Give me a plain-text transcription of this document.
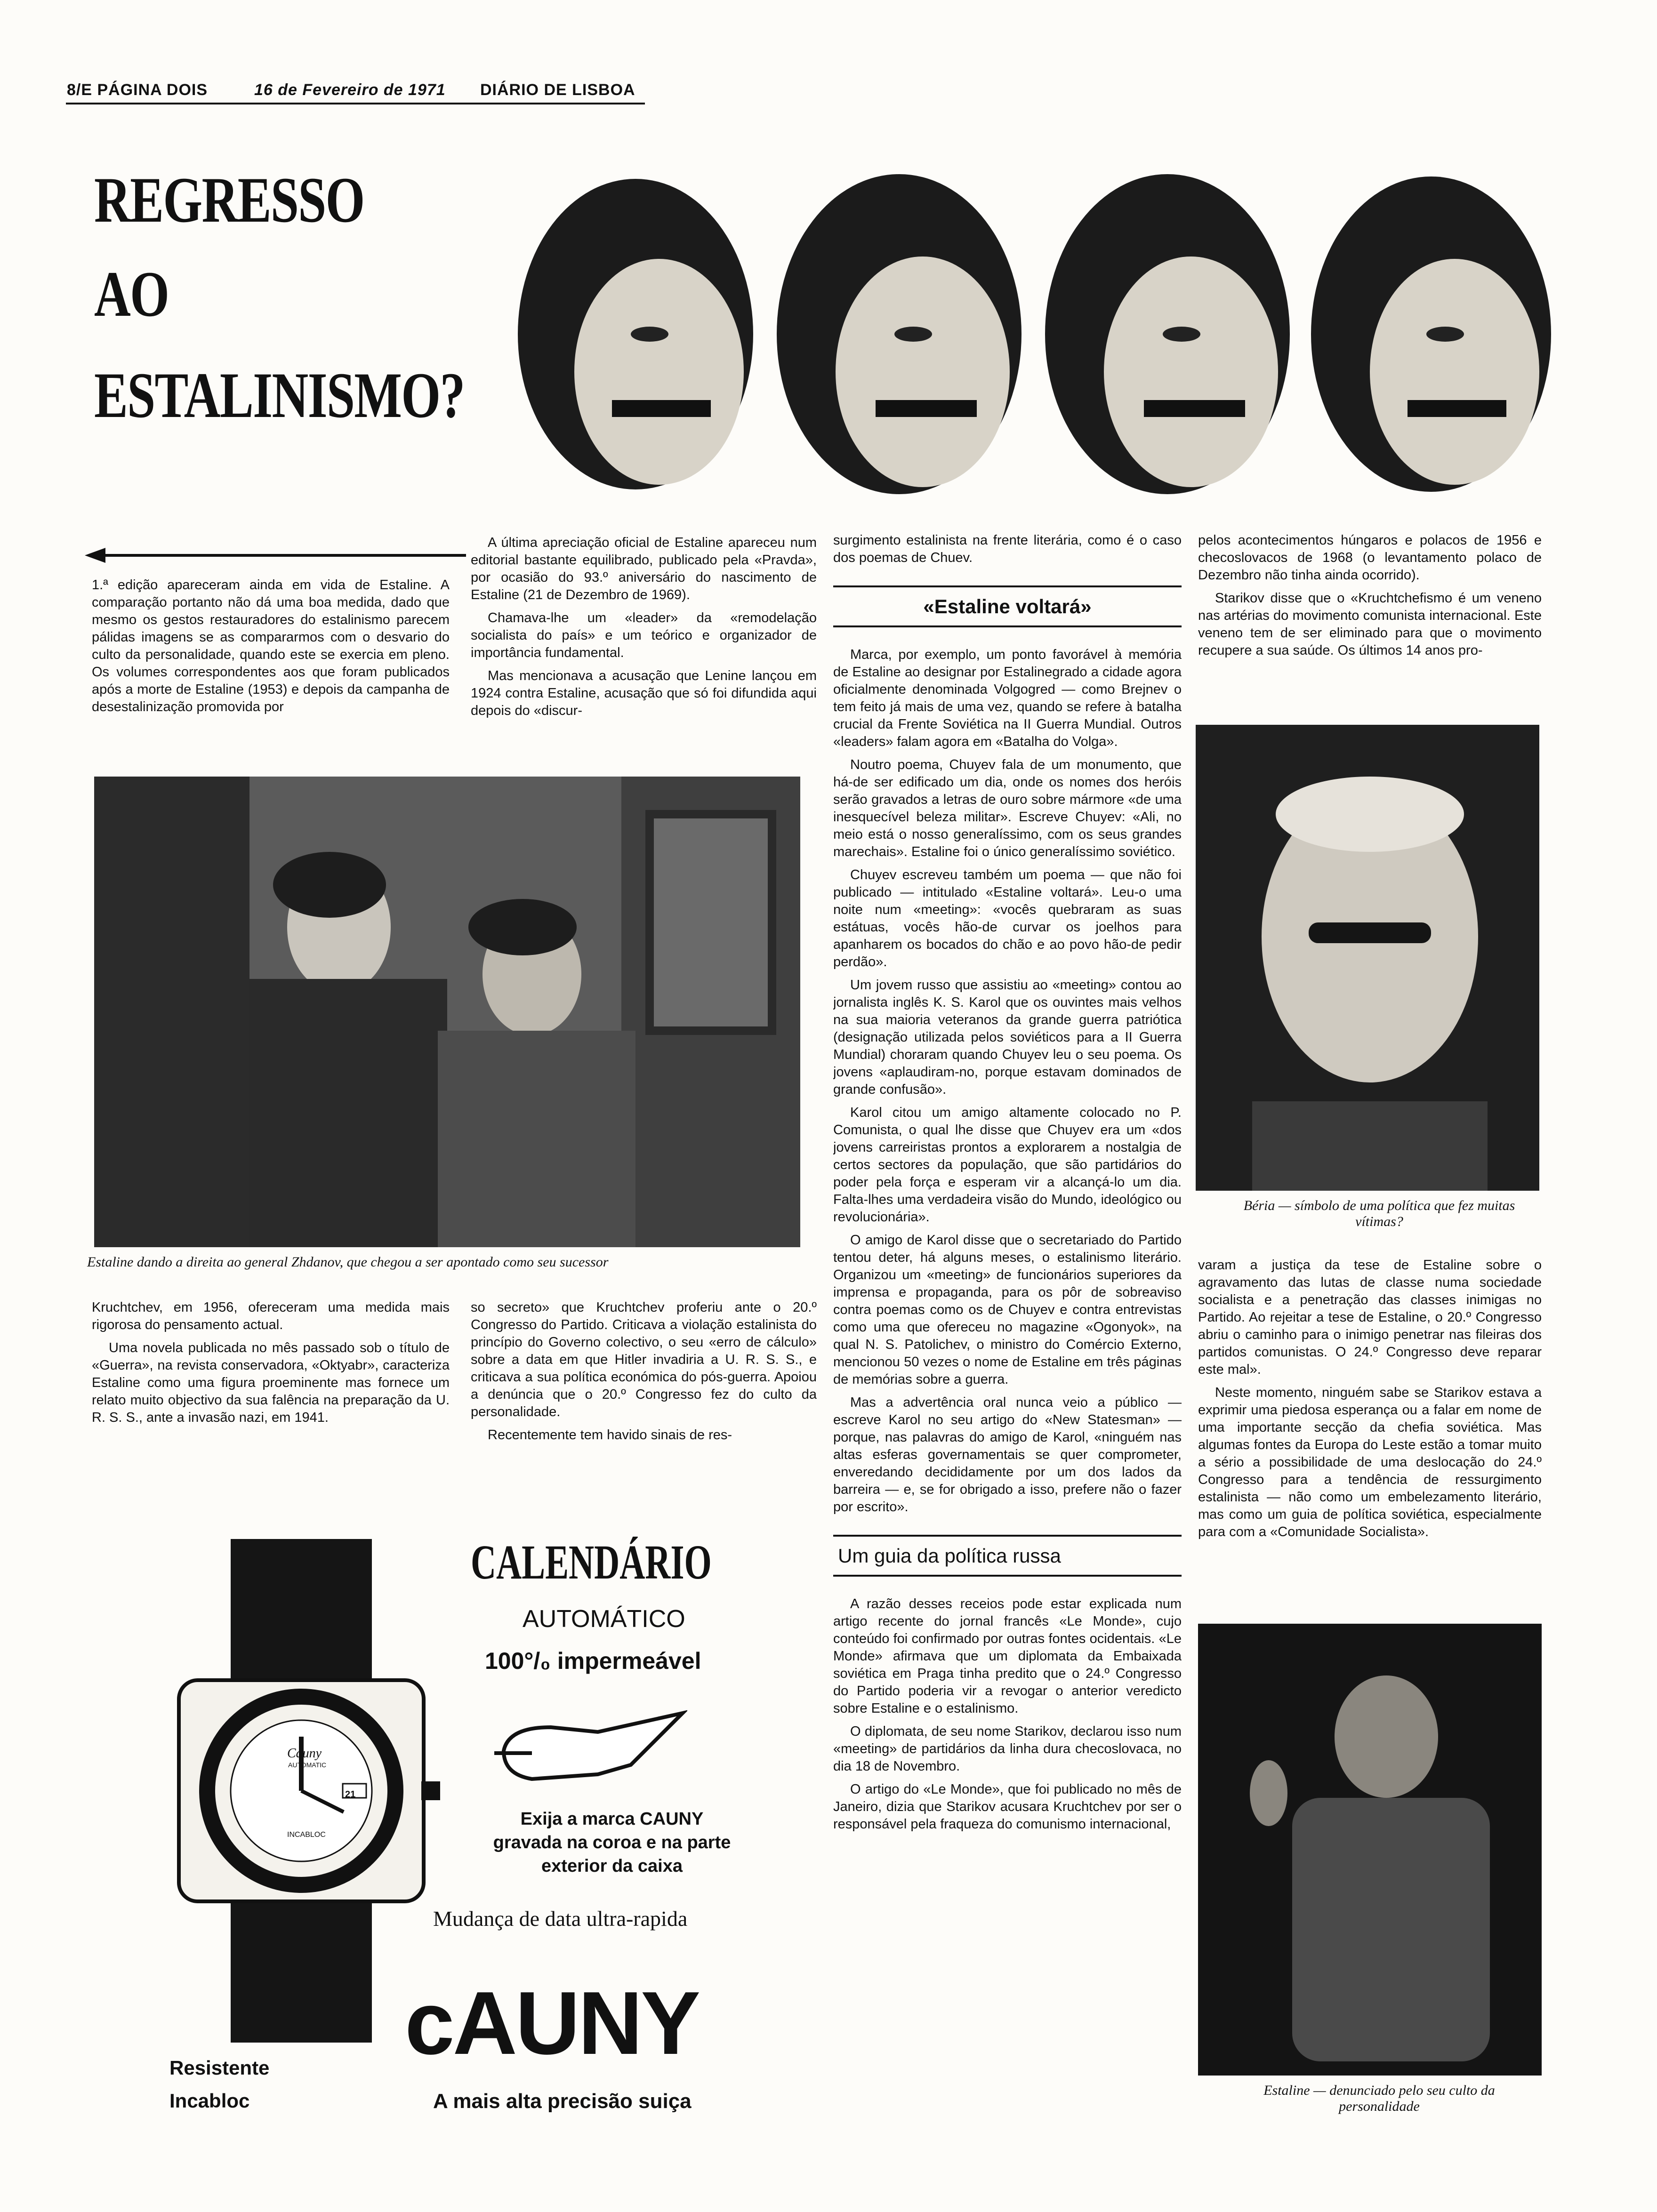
8/E PÁGINA DOIS	16 de Fevereiro de 1971 DIÁRIO DE LISBOA
REGRESSO
AO
ESTALINISMO?

1.ª edição apareceram ainda em vida de Estaline. A comparação portanto não dá uma boa medida, dado que mesmo os gestos restauradores do estalinismo parecem pálidas imagens se as compararmos com o desvario do culto da personalidade, quando este se exercia em pleno. Os volumes correspondentes aos que foram publicados após a morte de Estaline (1953) e depois da campanha de desestalinização promovida por

A última apreciação oficial de Estaline apareceu num editorial bastante equilibrado, publicado pela «Pravda», por ocasião do 93.º aniversário do nascimento de Estaline (21 de Dezembro de 1969).

Chamava-lhe um «leader» da «remodelação socialista do país» e um teórico e organizador de importância fundamental.

Mas mencionava a acusação que Lenine lançou em 1924 contra Estaline, acusação que só foi difundida aqui depois do «discur-

Estaline dando a direita ao general Zhdanov, que chegou a ser apontado como seu sucessor

Kruchtchev, em 1956, ofereceram uma medida mais rigorosa do pensamento actual.

Uma novela publicada no mês passado sob o título de «Guerra», na revista conservadora, «Oktyabr», caracteriza Estaline como uma figura proeminente mas fornece um relato muito objectivo da sua falência na preparação da U. R. S. S., ante a invasão nazi, em 1941.

so secreto» que Kruchtchev proferiu ante o 20.º Congresso do Partido. Criticava a violação estalinista do princípio do Governo colectivo, o seu «erro de cálculo» sobre a data em que Hitler invadiria a U. R. S. S., e criticava a sua política económica do pós-guerra. Apoiou a denúncia que o 20.º Congresso fez do culto da personalidade.

Recentemente tem havido sinais de res-

surgimento estalinista na frente literária, como é o caso dos poemas de Chuev.

«Estaline voltará»

Marca, por exemplo, um ponto favorável à memória de Estaline ao designar por Estalinegrado a cidade agora oficialmente denominada Volgogred — como Brejnev o tem feito já mais de uma vez, quando se refere à batalha crucial da Frente Soviética na II Guerra Mundial. Outros «leaders» falam agora em «Batalha do Volga».

Noutro poema, Chuyev fala de um monumento, que há-de ser edificado um dia, onde os nomes dos heróis serão gravados a letras de ouro sobre mármore «de uma inesquecível beleza militar». Escreve Chuyev: «Ali, no meio está o nosso generalíssimo, com os seus grandes marechais». Estaline foi o único generalíssimo soviético.

Chuyev escreveu também um poema — que não foi publicado — intitulado «Estaline voltará». Leu-o uma noite num «meeting»: «vocês quebraram as suas estátuas, vocês hão-de curvar os joelhos para apanharem os bocados do chão e ao povo hão-de pedir perdão».

Um jovem russo que assistiu ao «meeting» contou ao jornalista inglês K. S. Karol que os ouvintes mais velhos na sua maioria veteranos da grande guerra patriótica (designação utilizada pelos soviéticos para a II Guerra Mundial) choraram quando Chuyev leu o seu poema. Os jovens «aplaudiram-no, porque estavam dominados de grande confusão».

Karol citou um amigo altamente colocado no P. Comunista, o qual lhe disse que Chuyev era um «dos jovens carreiristas prontos a explorarem a nostalgia de certos sectores da população, que são partidários do poder pela força e esperam vir a alcançá-lo um dia. Falta-lhes uma verdadeira visão do Mundo, ideológico ou revolucionária».

O amigo de Karol disse que o secretariado do Partido tentou deter, há alguns meses, o estalinismo literário. Organizou um «meeting» de funcionários superiores da imprensa e propaganda, para os pôr de sobreaviso contra poemas como os de Chuyev e contra entrevistas como uma que ofereceu no magazine «Ogonyok», na qual N. S. Patolichev, o ministro do Comércio Externo, mencionou 50 vezes o nome de Estaline em três páginas de memórias sobre a guerra.

Mas a advertência oral nunca veio a público — escreve Karol no seu artigo do «New Statesman» — porque, nas palavras do amigo de Karol, «ninguém nas altas esferas governamentais se quer comprometer, enveredando decididamente por um dos lados da barreira — e, se for obrigado a isso, prefere não o fazer por escrito».

Um guia da política russa

A razão desses receios pode estar explicada num artigo recente do jornal francês «Le Monde», cujo conteúdo foi confirmado por outras fontes ocidentais. «Le Monde» afirmava que um diplomata da Embaixada soviética em Praga tinha predito que o 24.º Congresso do Partido poderia vir a revogar o anterior veredicto sobre Estaline e o estalinismo.

O diplomata, de seu nome Starikov, declarou isso num «meeting» de partidários da linha dura checoslovaca, no dia 18 de Novembro.

O artigo do «Le Monde», que foi publicado no mês de Janeiro, dizia que Starikov acusara Kruchtchev por ser o responsável pela fraqueza do comunismo internacional,

pelos acontecimentos húngaros e polacos de 1956 e checoslovacos de 1968 (o levantamento polaco de Dezembro não tinha ainda ocorrido).

Starikov disse que o «Kruchtchefismo é um veneno nas artérias do movimento comunista internacional. Este veneno tem de ser eliminado para que o movimento recupere a sua saúde. Os últimos 14 anos pro-

Béria — símbolo de uma política que fez muitas vítimas?

varam a justiça da tese de Estaline sobre o agravamento das lutas de classe numa sociedade socialista e a penetração das classes inimigas no Partido. Ao rejeitar a tese de Estaline, o 20.º Congresso abriu o caminho para o inimigo penetrar nas fileiras dos partidos comunistas. O 24.º Congresso deve reparar este mal».

Neste momento, ninguém sabe se Starikov estava a exprimir uma piedosa esperança ou a falar em nome de uma importante secção da chefia soviética. Mas algumas fontes da Europa do Leste estão a tomar muito a sério a possibilidade de uma deslocação do 24.º Congresso para a tendência de ressurgimento estalinista — não como um embelezamento literário, mas como um guia de política soviética, especialmente para com a «Comunidade Socialista».

Estaline — denunciado pelo seu culto da personalidade
Cauny
AUTOMATIC
21
INCABLOC
CALENDÁRIO
AUTOMÁTICO
100°/₀ impermeável
Exija a marca CAUNY gravada na coroa e na parte exterior da caixa
Mudança de data ultra-rapida
Resistente
Incabloc
cAUNY
A mais alta precisão suiça
